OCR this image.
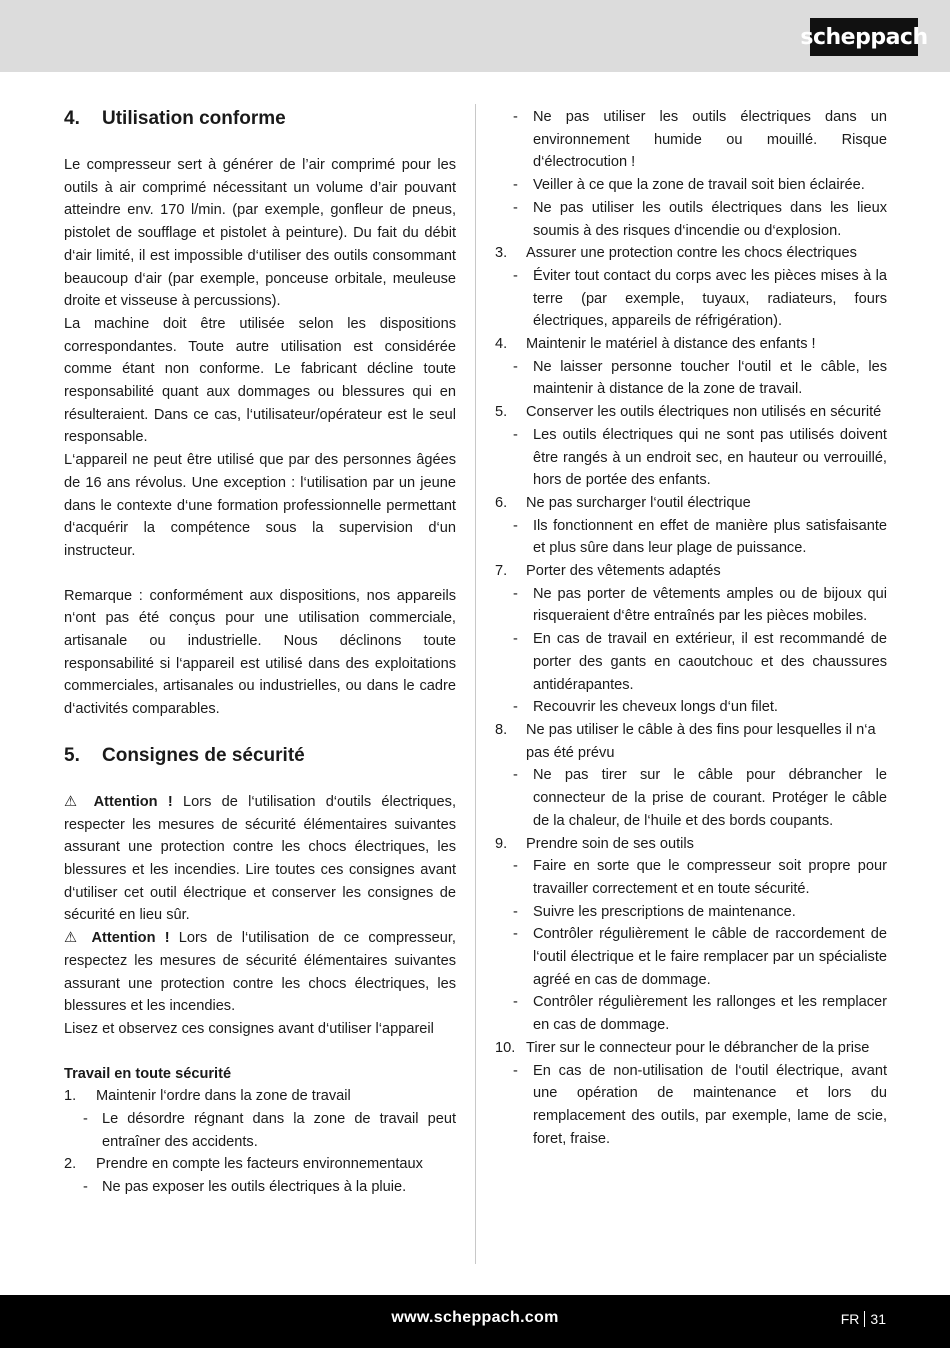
scheppach
4.	Utilisation conforme

Le compresseur sert à générer de l’air comprimé pour les outils à air comprimé nécessitant un volume d’air pouvant atteindre env. 170 l/min. (par exemple, gonfleur de pneus, pistolet de soufflage et pistolet à peinture). Du fait du débit d‘air limité, il est impossible d‘utiliser des outils consommant beaucoup d‘air (par exemple, ponceuse orbitale, meuleuse droite et visseuse à percussions).

La machine doit être utilisée selon les dispositions correspondantes. Toute autre utilisation est considérée comme étant non conforme. Le fabricant décline toute responsabilité quant aux dommages ou blessures qui en résulteraient. Dans ce cas, l‘utilisateur/opérateur est le seul responsable.

L‘appareil ne peut être utilisé que par des personnes âgées de 16 ans révolus. Une exception : l‘utilisation par un jeune dans le contexte d‘une formation professionnelle permettant d‘acquérir la compétence sous la supervision d‘un instructeur.

Remarque : conformément aux dispositions, nos appareils n‘ont pas été conçus pour une utilisation commerciale, artisanale ou industrielle. Nous déclinons toute responsabilité si l‘appareil est utilisé dans des exploitations commerciales, artisanales ou industrielles, ou dans le cadre d‘activités comparables.

5.	Consignes de sécurité

⚠ Attention ! Lors de l‘utilisation d‘outils électriques, respecter les mesures de sécurité élémentaires suivantes assurant une protection contre les chocs électriques, les blessures et les incendies. Lire toutes ces consignes avant d‘utiliser cet outil électrique et conserver les consignes de sécurité en lieu sûr.

⚠ Attention ! Lors de l‘utilisation de ce compresseur, respectez les mesures de sécurité élémentaires suivantes assurant une protection contre les chocs électriques, les blessures et les incendies.

Lisez et observez ces consignes avant d‘utiliser l‘appareil

Travail en toute sécurité
1.	Maintenir l‘ordre dans la zone de travail
- Le désordre régnant dans la zone de travail peut entraîner des accidents.
2.	Prendre en compte les facteurs environnementaux
- Ne pas exposer les outils électriques à la pluie.
-	Ne pas utiliser les outils électriques dans un environnement humide ou mouillé. Risque d‘électrocution !
-	Veiller à ce que la zone de travail soit bien éclairée.
-	Ne pas utiliser les outils électriques dans les lieux soumis à des risques d‘incendie ou d‘explosion.
3.	Assurer une protection contre les chocs électriques
-	Éviter tout contact du corps avec les pièces mises à la terre (par exemple, tuyaux, radiateurs, fours électriques, appareils de réfrigération).
4.	Maintenir le matériel à distance des enfants !
-	Ne laisser personne toucher l‘outil et le câble, les maintenir à distance de la zone de travail.
5.	Conserver les outils électriques non utilisés en sécurité
-	Les outils électriques qui ne sont pas utilisés doivent être rangés à un endroit sec, en hauteur ou verrouillé, hors de portée des enfants.
6.	Ne pas surcharger l‘outil électrique
-	Ils fonctionnent en effet de manière plus satisfaisante et plus sûre dans leur plage de puissance.
7.	Porter des vêtements adaptés
-	Ne pas porter de vêtements amples ou de bijoux qui risqueraient d‘être entraînés par les pièces mobiles.
-	En cas de travail en extérieur, il est recommandé de porter des gants en caoutchouc et des chaussures antidérapantes.
-	Recouvrir les cheveux longs d‘un filet.
8.	Ne pas utiliser le câble à des fins pour lesquelles il n‘a pas été prévu
-	Ne pas tirer sur le câble pour débrancher le connecteur de la prise de courant. Protéger le câble de la chaleur, de l‘huile et des bords coupants.
9.	Prendre soin de ses outils
-	Faire en sorte que le compresseur soit propre pour travailler correctement et en toute sécurité.
-	Suivre les prescriptions de maintenance.
-	Contrôler régulièrement le câble de raccordement de l‘outil électrique et le faire remplacer par un spécialiste agréé en cas de dommage.
-	Contrôler régulièrement les rallonges et les remplacer en cas de dommage.
10. Tirer sur le connecteur pour le débrancher de la prise
-	En cas de non-utilisation de l‘outil électrique, avant une opération de maintenance et lors du remplacement des outils, par exemple, lame de scie, foret, fraise.
www.scheppach.com	FR 31
